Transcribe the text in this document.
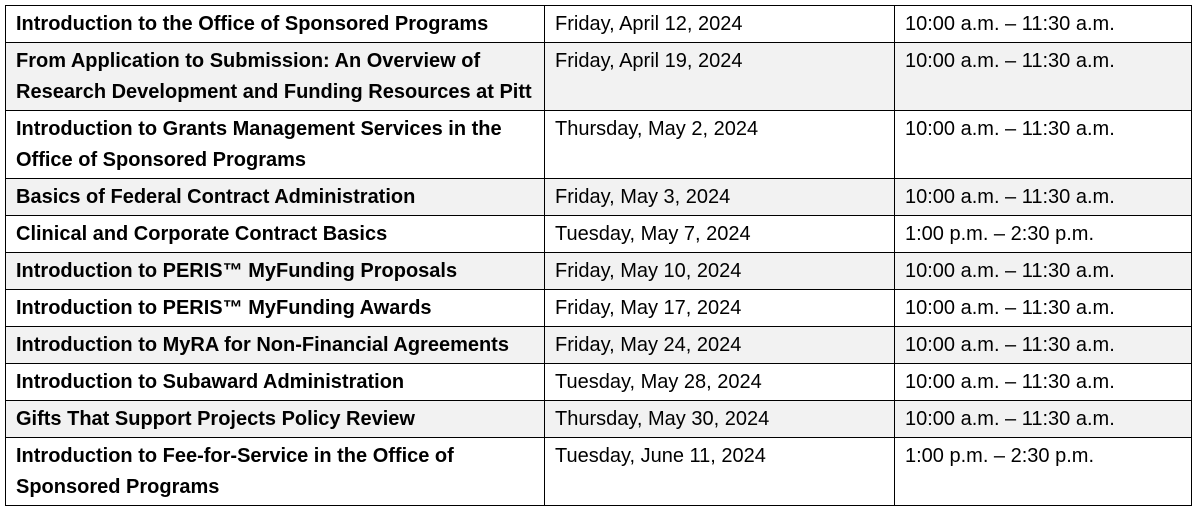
Introduction to the Office of Sponsored Programs	Friday, April 12, 2024	10:00 a.m. – 11:30 a.m.
From Application to Submission: An Overview of Research Development and Funding Resources at Pitt	Friday, April 19, 2024	10:00 a.m. – 11:30 a.m.
Introduction to Grants Management Services in the Office of Sponsored Programs	Thursday, May 2, 2024	10:00 a.m. – 11:30 a.m.
Basics of Federal Contract Administration	Friday, May 3, 2024	10:00 a.m. – 11:30 a.m.
Clinical and Corporate Contract Basics	Tuesday, May 7, 2024	1:00 p.m. – 2:30 p.m.
Introduction to PERIS™ MyFunding Proposals	Friday, May 10, 2024	10:00 a.m. – 11:30 a.m.
Introduction to PERIS™ MyFunding Awards	Friday, May 17, 2024	10:00 a.m. – 11:30 a.m.
Introduction to MyRA for Non-Financial Agreements	Friday, May 24, 2024	10:00 a.m. – 11:30 a.m.
Introduction to Subaward Administration	Tuesday, May 28, 2024	10:00 a.m. – 11:30 a.m.
Gifts That Support Projects Policy Review	Thursday, May 30, 2024	10:00 a.m. – 11:30 a.m.
Introduction to Fee-for-Service in the Office of Sponsored Programs	Tuesday, June 11, 2024	1:00 p.m. – 2:30 p.m.
